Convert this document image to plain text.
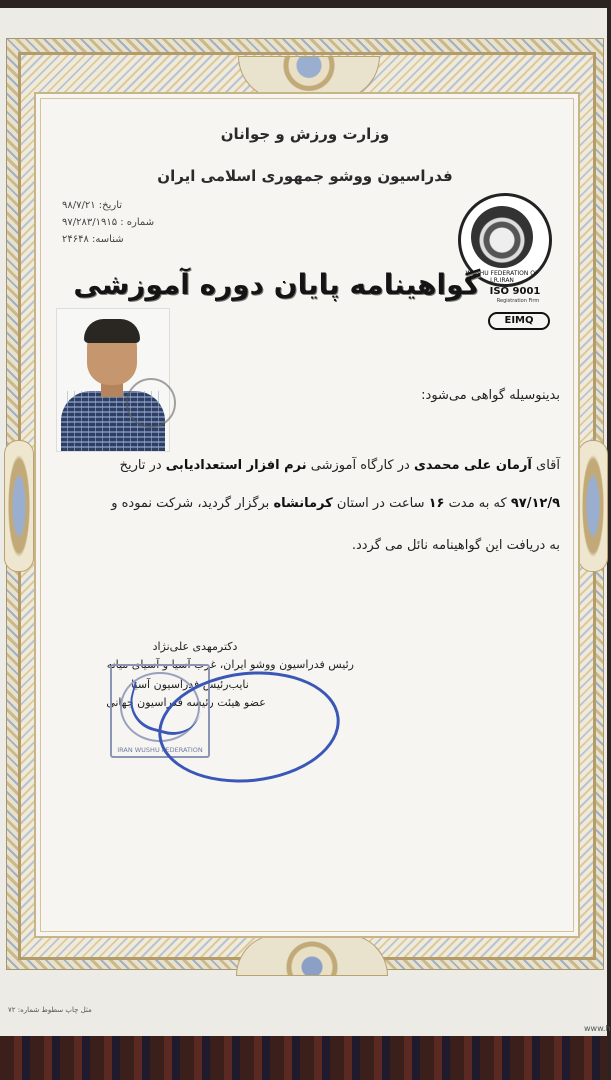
وزارت ورزش و جوانان
فدراسیون ووشو جمهوری اسلامی ایران
تاریخ: ۹۸/۷/۲۱
شماره : ۹۷/۲۸۳/۱۹۱۵
شناسه: ۲۴۶۴۸
WUSHU FEDERATION OF I.R.IRAN
ISO 9001
EIMQ
Registration Firm
گواهینامه پایان دوره آموزشی
بدینوسیله گواهی می‌شود:
آقای آرمان علی محمدی در کارگاه آموزشی نرم افزار استعدادیابی در تاریخ
۹۷/۱۲/۹ که به مدت ۱۶ ساعت در استان کرمانشاه برگزار گردید، شرکت نموده و
به دریافت این گواهینامه نائل می گردد.
دکترمهدی علی‌نژاد
رئیس فدراسیون ووشو ایران، غرب آسیا و آسیای میانه
نایب‌رئیس فدراسیون آسیا
عضو هیئت رئیسه فدراسیون جهانی
IRAN WUSHU FEDERATION
مثل چاپ سطوط شماره: ۷۲
www.h
